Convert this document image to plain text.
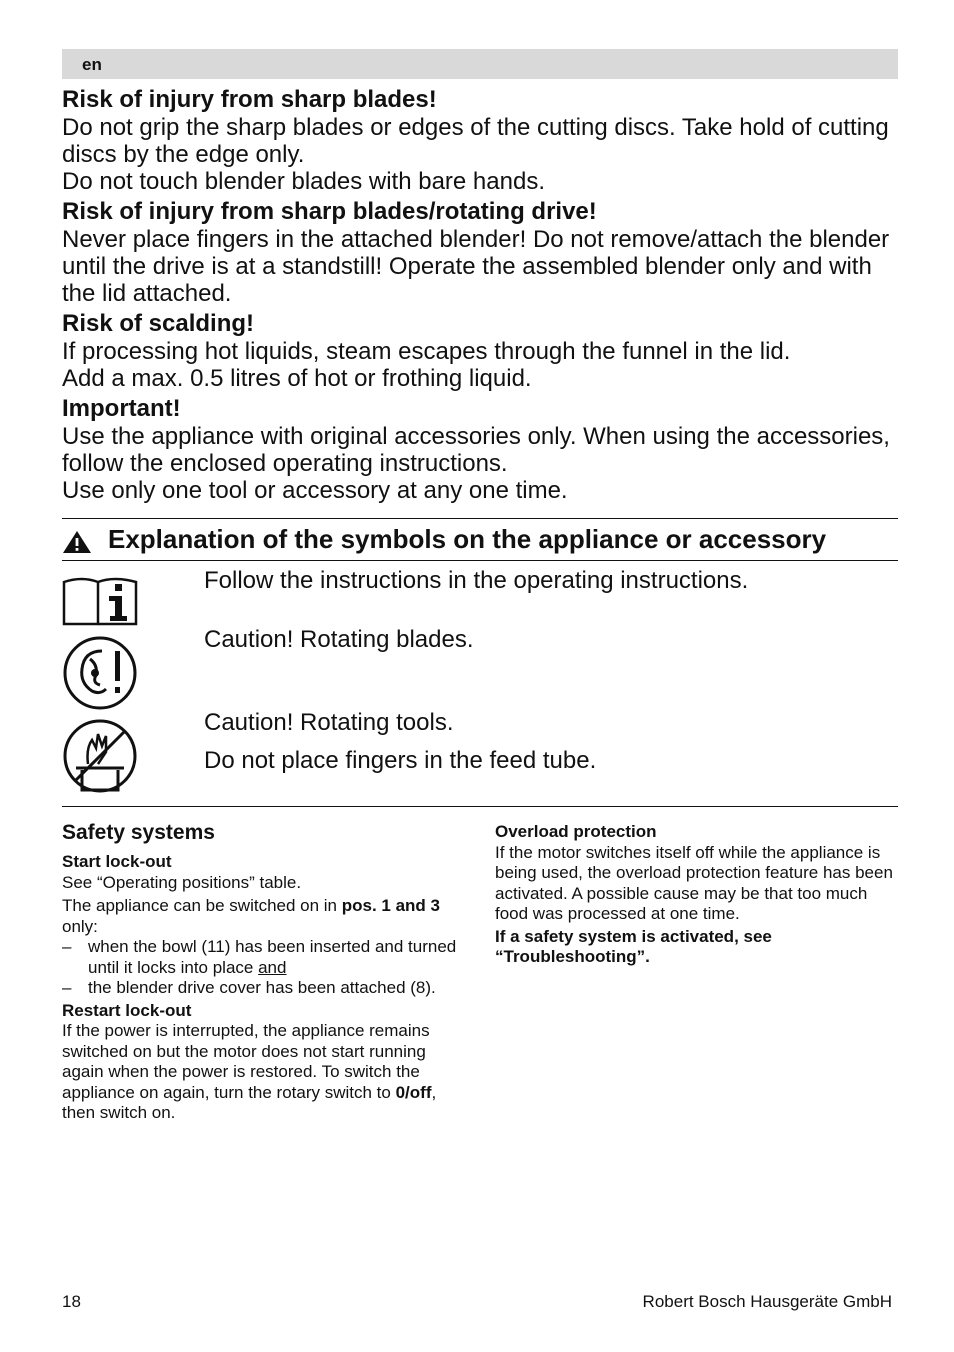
en
Risk of injury from sharp blades!
Do not grip the sharp blades or edges of the cutting discs. Take hold of cutting discs by the edge only.
Do not touch blender blades with bare hands.
Risk of injury from sharp blades/rotating drive!
Never place fingers in the attached blender! Do not remove/attach the blender until the drive is at a standstill! Operate the assembled blender only and with the lid attached.
Risk of scalding!
If processing hot liquids, steam escapes through the funnel in the lid.
Add a max. 0.5 litres of hot or frothing liquid.
Important!
Use the appliance with original accessories only. When using the accessories, follow the enclosed operating instructions.
Use only one tool or accessory at any one time.
Explanation of the symbols on the appliance or accessory
Follow the instructions in the operating instructions.
Caution! Rotating blades.
Caution! Rotating tools.
Do not place fingers in the feed tube.
Safety systems
Start lock-out

See “Operating positions” table.

The appliance can be switched on in pos. 1 and 3 only:

– when the bowl (11) has been inserted and turned until it locks into place and
– the blender drive cover has been attached (8).
Restart lock-out

If the power is interrupted, the appliance remains switched on but the motor does not start running again when the power is restored. To switch the appliance on again, turn the rotary switch to 0/off, then switch on.

Overload protection

If the motor switches itself off while the appliance is being used, the overload protection feature has been activated. A possible cause may be that too much food was processed at one time.

If a safety system is activated, see “Troubleshooting”.

18	Robert Bosch Hausgeräte GmbH
